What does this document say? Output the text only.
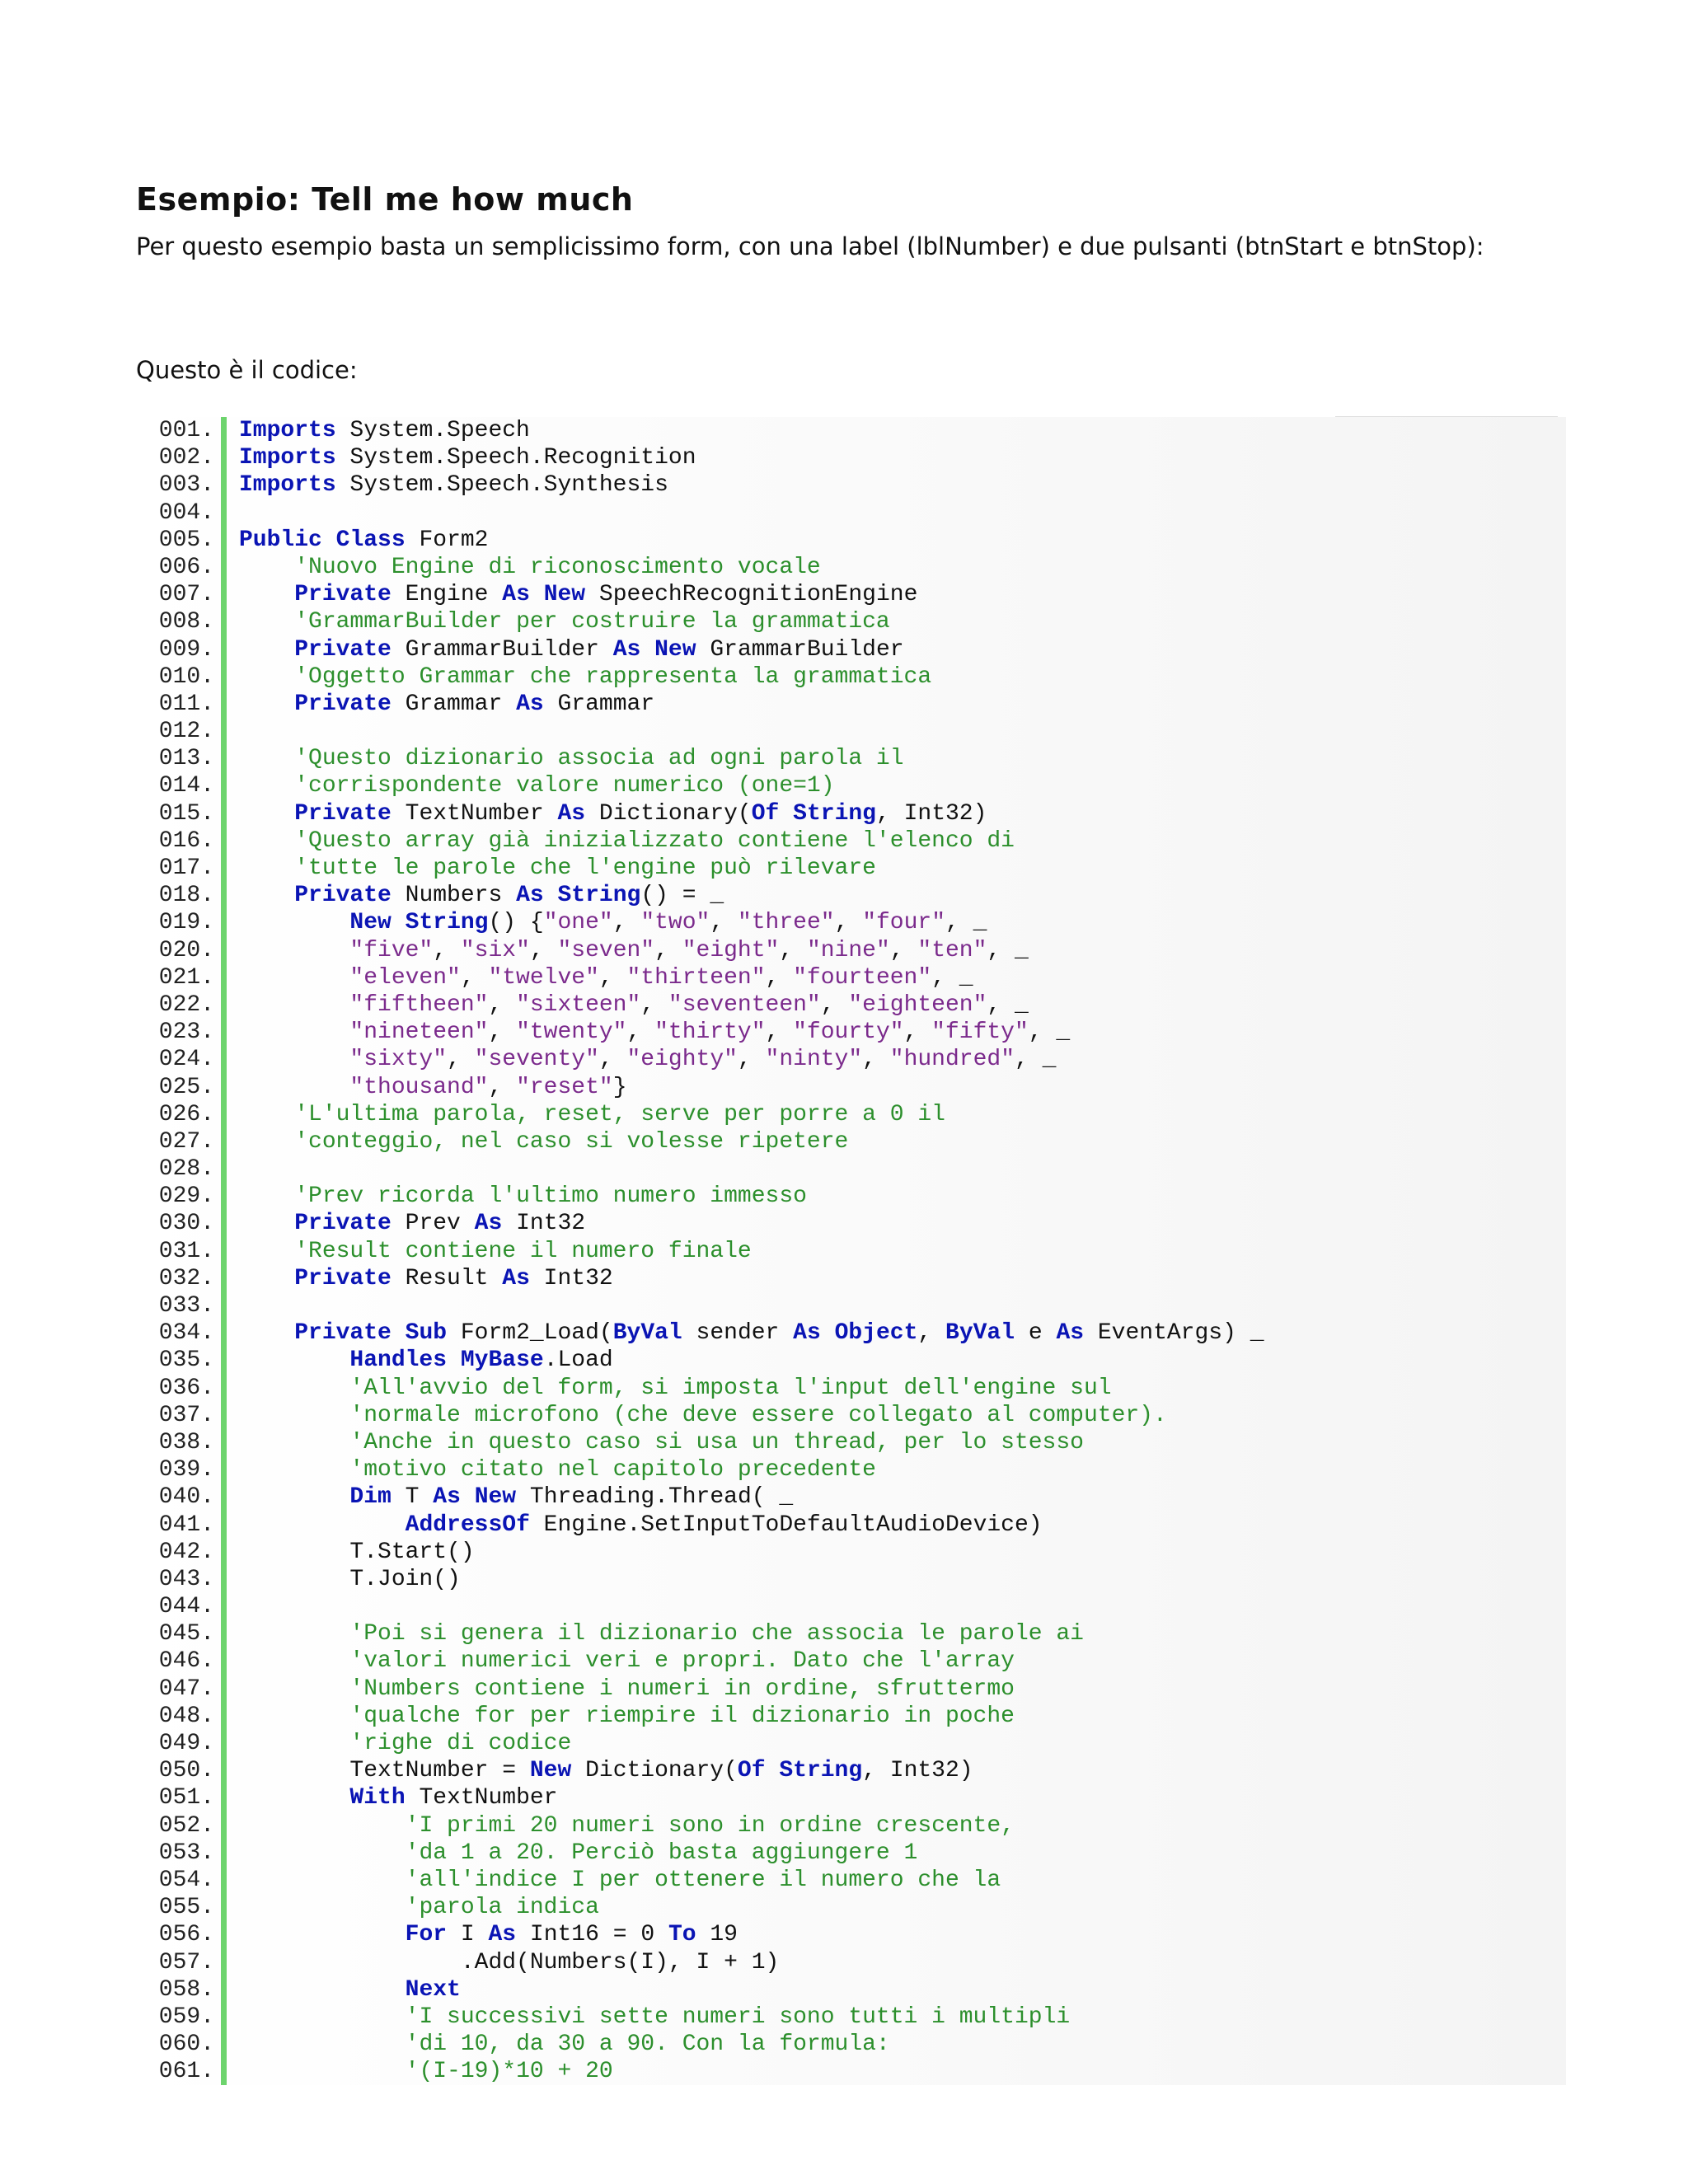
Esempio: Tell me how much

Per questo esempio basta un semplicissimo form, con una label (lblNumber) e due pulsanti (btnStart e btnStop):

Questo è il codice:

001. Imports System.Speech
002. Imports System.Speech.Recognition
003. Imports System.Speech.Synthesis
004.
005. Public Class Form2
006.	'Nuovo Engine di riconoscimento vocale
007.	Private Engine As New SpeechRecognitionEngine
008.	'GrammarBuilder per costruire la grammatica
009.	Private GrammarBuilder As New GrammarBuilder
010.	'Oggetto Grammar che rappresenta la grammatica
011.	Private Grammar As Grammar
012.
013.	'Questo dizionario associa ad ogni parola il
014.	'corrispondente valore numerico (one=1)
015.	Private TextNumber As Dictionary(Of String, Int32)
016.	'Questo array già inizializzato contiene l'elenco di
017.	'tutte le parole che l'engine può rilevare
018.	Private Numbers As String() = _
019.	New String() {"one", "two", "three", "four", _
020.	"five", "six", "seven", "eight", "nine", "ten", _
021.	"eleven", "twelve", "thirteen", "fourteen", _
022.	"fiftheen", "sixteen", "seventeen", "eighteen", _
023.	"nineteen", "twenty", "thirty", "fourty", "fifty", _
024.	"sixty", "seventy", "eighty", "ninty", "hundred", _
025.	"thousand", "reset"}
026.	'L'ultima parola, reset, serve per porre a 0 il
027.	'conteggio, nel caso si volesse ripetere
028.
029.	'Prev ricorda l'ultimo numero immesso
030.	Private Prev As Int32
031.	'Result contiene il numero finale
032.	Private Result As Int32
033.
034.	Private Sub Form2_Load(ByVal sender As Object, ByVal e As EventArgs) _
035.	Handles MyBase.Load
036.	'All'avvio del form, si imposta l'input dell'engine sul
037.	'normale microfono (che deve essere collegato al computer).
038.	'Anche in questo caso si usa un thread, per lo stesso
039.	'motivo citato nel capitolo precedente
040.	Dim T As New Threading.Thread( _
041.	AddressOf Engine.SetInputToDefaultAudioDevice)
042. T.Start()
043. T.Join()
044.
045.	'Poi si genera il dizionario che associa le parole ai
046.	'valori numerici veri e propri. Dato che l'array
047.	'Numbers contiene i numeri in ordine, sfruttermo
048.	'qualche for per riempire il dizionario in poche
049.	'righe di codice
050. TextNumber = New Dictionary(Of String, Int32)
051.	With TextNumber
052.	'I primi 20 numeri sono in ordine crescente,
053.	'da 1 a 20. Perciò basta aggiungere 1
054.	'all'indice I per ottenere il numero che la
055.	'parola indica
056.	For I As Int16 = 0 To 19
057. .Add(Numbers(I), I + 1)
058.	Next
059.	'I successivi sette numeri sono tutti i multipli
060.	'di 10, da 30 a 90. Con la formula:
061.	'(I-19)*10 + 20
